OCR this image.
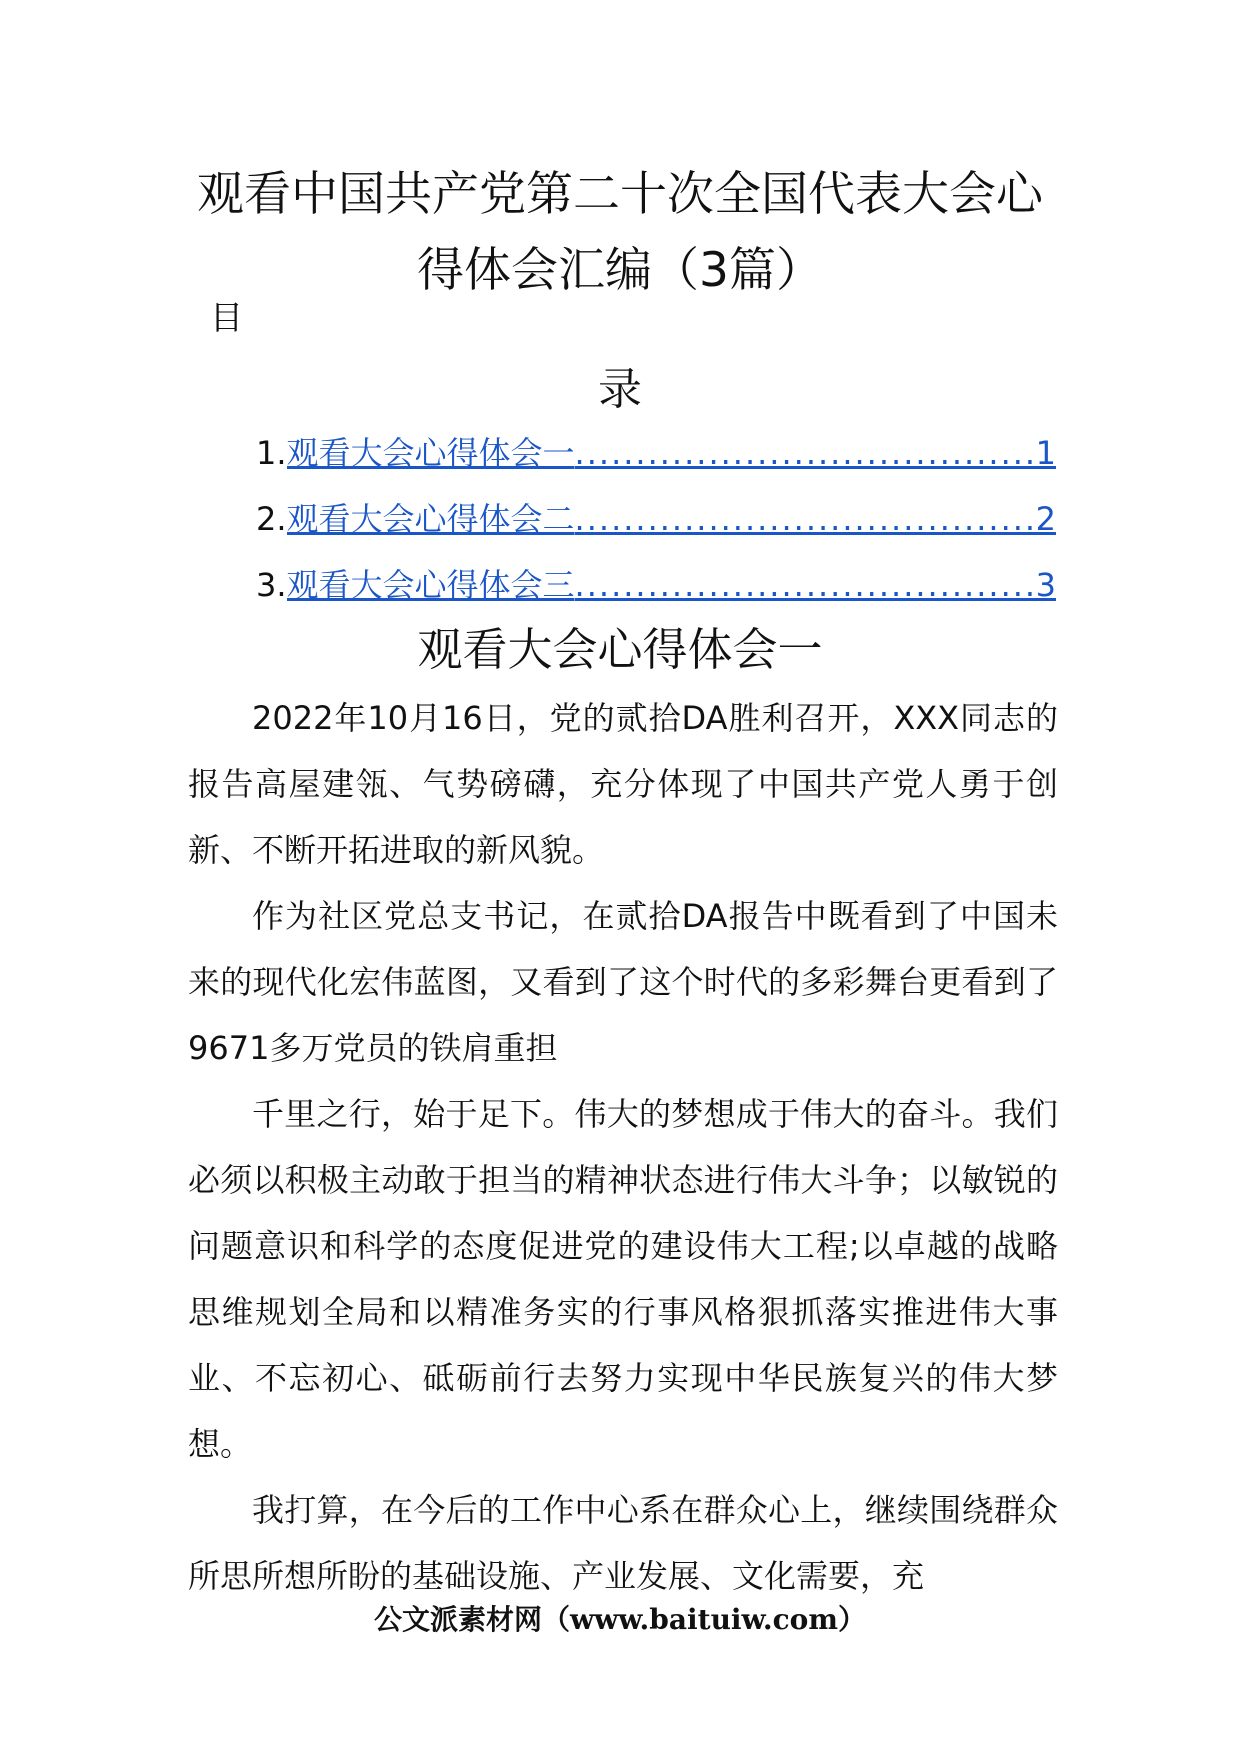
观看中国共产党第二十次全国代表大会心
得体会汇编（3篇）
目
录
1. 观看大会心得体会一 .....	1
2. 观看大会心得体会二 .....	2
3. 观看大会心得体会三 .....	3
观看大会心得体会一

2022年10月16日，党的贰拾DA胜利召开，XXX同志的报告高屋建瓴、气势磅礴，充分体现了中国共产党人勇于创新、不断开拓进取的新风貌。

作为社区党总支书记，在贰拾DA报告中既看到了中国未来的现代化宏伟蓝图，又看到了这个时代的多彩舞台更看到了9671多万党员的铁肩重担

千里之行，始于足下。伟大的梦想成于伟大的奋斗。我们必须以积极主动敢于担当的精神状态进行伟大斗争；以敏锐的问题意识和科学的态度促进党的建设伟大工程;以卓越的战略思维规划全局和以精准务实的行事风格狠抓落实推进伟大事业、不忘初心、砥砺前行去努力实现中华民族复兴的伟大梦想。

我打算，在今后的工作中心系在群众心上，继续围绕群众所思所想所盼的基础设施、产业发展、文化需要，充

公文派素材网（www.baituiw.com）
